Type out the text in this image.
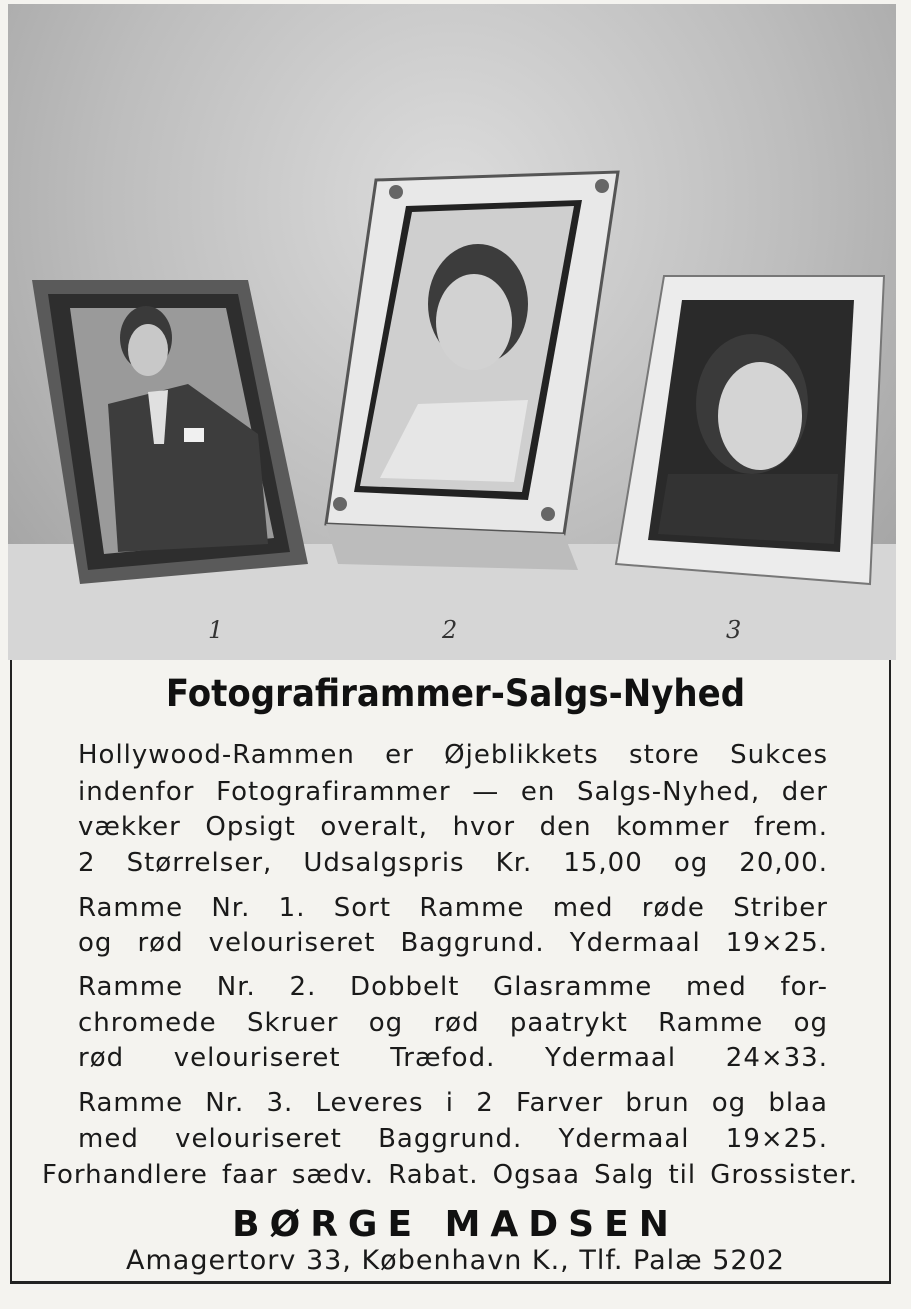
1	2	3
Fotografirammer-Salgs-Nyhed
Hollywood-Rammen er Øjeblikkets store Sukces
indenfor Fotografirammer — en Salgs-Nyhed, der
vækker Opsigt overalt, hvor den kommer frem.
2 Størrelser, Udsalgspris Kr. 15,00 og 20,00.
Ramme Nr. 1. Sort Ramme med røde Striber
og rød velouriseret Baggrund. Ydermaal 19×25.
Ramme Nr. 2. Dobbelt Glasramme med for-
chromede Skruer og rød paatrykt Ramme og
rød velouriseret Træfod. Ydermaal 24×33.
Ramme Nr. 3. Leveres i 2 Farver brun og blaa
med velouriseret Baggrund. Ydermaal 19×25.
Forhandlere faar sædv. Rabat. Ogsaa Salg til Grossister.
BØRGE MADSEN
Amagertorv 33, København K., Tlf. Palæ 5202
